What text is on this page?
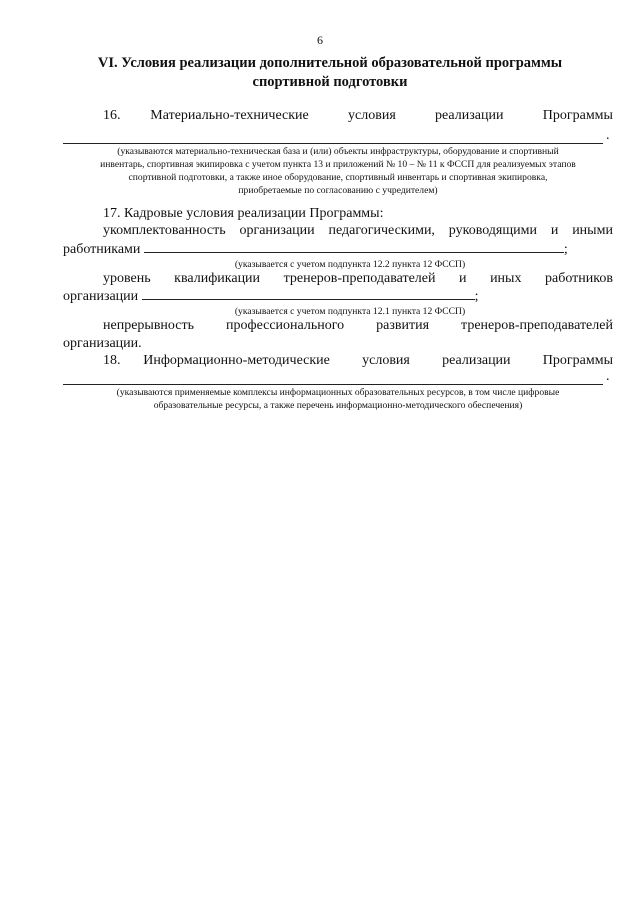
6
VI. Условия реализации дополнительной образовательной программы
спортивной подготовки
16.	Материально-технические	условия	реализации	Программы
.
(указываются материально-техническая база и (или) объекты инфраструктуры, оборудование и спортивный
инвентарь, спортивная экипировка с учетом пункта 13 и приложений № 10 – № 11 к ФССП для реализуемых этапов
спортивной подготовки, а также иное оборудование, спортивный инвентарь и спортивная экипировка,
приобретаемые по согласованию с учредителем)
17. Кадровые условия реализации Программы:
укомплектованность организации педагогическими, руководящими и иными
работниками	;
(указывается с учетом подпункта 12.2 пункта 12 ФССП)
уровень квалификации тренеров-преподавателей и иных работников
организации	;
(указывается с учетом подпункта 12.1 пункта 12 ФССП)
непрерывность профессионального развития тренеров-преподавателей
организации.
18.	Информационно-методические условия реализации Программы
.
(указываются применяемые комплексы информационных образовательных ресурсов, в том числе цифровые
образовательные ресурсы, а также перечень информационно-методического обеспечения)
